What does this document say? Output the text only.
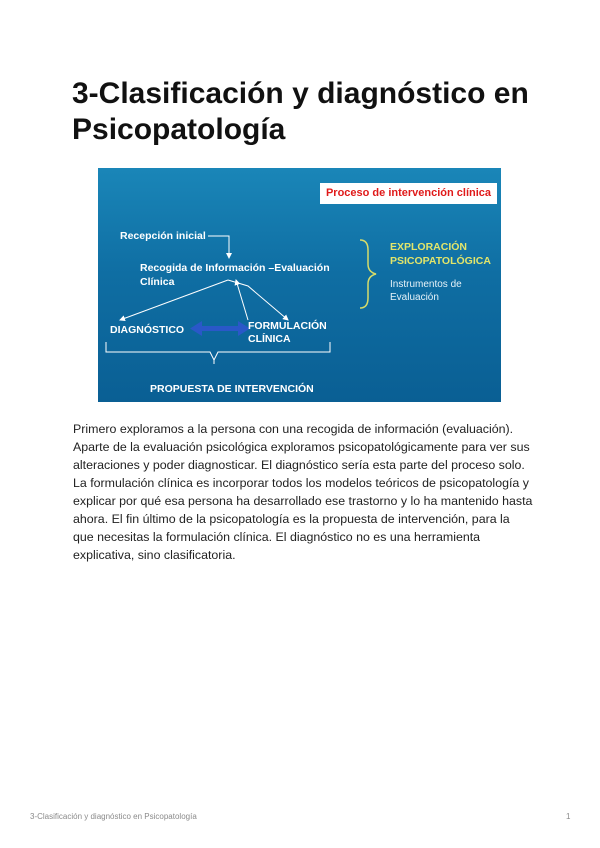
3-Clasificación y diagnóstico en Psicopatología
Proceso de intervención clínica
Recepción inicial
Recogida de Información –Evaluación
Clínica
DIAGNÓSTICO	FORMULACIÓN
CLÍNICA
PROPUESTA DE INTERVENCIÓN
EXPLORACIÓN
PSICOPATOLÓGICA
Instrumentos de
Evaluación

Primero exploramos a la persona con una recogida de información (evaluación). Aparte de la evaluación psicológica exploramos psicopatológicamente para ver sus alteraciones y poder diagnosticar. El diagnóstico sería esta parte del proceso solo. La formulación clínica es incorporar todos los modelos teóricos de psicopatología y explicar por qué esa persona ha desarrollado ese trastorno y lo ha mantenido hasta ahora. El fin último de la psicopatología es la propuesta de intervención, para la que necesitas la formulación clínica. El diagnóstico no es una herramienta explicativa, sino clasificatoria.

3-Clasificación y diagnóstico en Psicopatología	1
